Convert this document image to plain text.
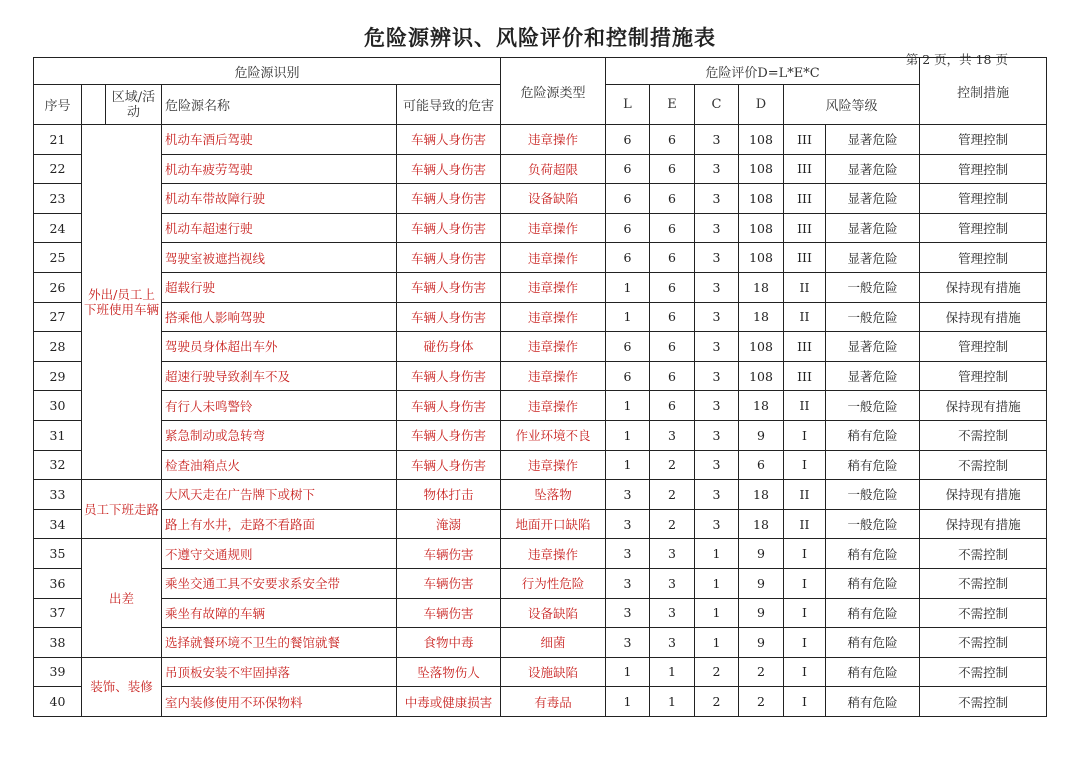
危险源辨识、风险评价和控制措施表
第 2 页，共 18 页
危险源识别					危险源类型	危险评价D=L*E*C						控制措施
序号		区域/活动	危险源名称	可能导致的危害		L	E	C	D	风险等级		
21	外出/员工上下班使用车辆		机动车酒后驾驶	车辆人身伤害	违章操作	6	6	3	108	III	显著危险	管理控制
22			机动车疲劳驾驶	车辆人身伤害	负荷超限	6	6	3	108	III	显著危险	管理控制
23			机动车带故障行驶	车辆人身伤害	设备缺陷	6	6	3	108	III	显著危险	管理控制
24			机动车超速行驶	车辆人身伤害	违章操作	6	6	3	108	III	显著危险	管理控制
25			驾驶室被遮挡视线	车辆人身伤害	违章操作	6	6	3	108	III	显著危险	管理控制
26			超载行驶	车辆人身伤害	违章操作	1	6	3	18	II	一般危险	保持现有措施
27			搭乘他人影响驾驶	车辆人身伤害	违章操作	1	6	3	18	II	一般危险	保持现有措施
28			驾驶员身体超出车外	碰伤身体	违章操作	6	6	3	108	III	显著危险	管理控制
29			超速行驶导致刹车不及	车辆人身伤害	违章操作	6	6	3	108	III	显著危险	管理控制
30			有行人未鸣警铃	车辆人身伤害	违章操作	1	6	3	18	II	一般危险	保持现有措施
31			紧急制动或急转弯	车辆人身伤害	作业环境不良	1	3	3	9	I	稍有危险	不需控制
32			检查油箱点火	车辆人身伤害	违章操作	1	2	3	6	I	稍有危险	不需控制
33	员工下班走路		大风天走在广告牌下或树下	物体打击	坠落物	3	2	3	18	II	一般危险	保持现有措施
34			路上有水井，走路不看路面	淹溺	地面开口缺陷	3	2	3	18	II	一般危险	保持现有措施
35	出差		不遵守交通规则	车辆伤害	违章操作	3	3	1	9	I	稍有危险	不需控制
36			乘坐交通工具不安要求系安全带	车辆伤害	行为性危险	3	3	1	9	I	稍有危险	不需控制
37			乘坐有故障的车辆	车辆伤害	设备缺陷	3	3	1	9	I	稍有危险	不需控制
38			选择就餐环境不卫生的餐馆就餐	食物中毒	细菌	3	3	1	9	I	稍有危险	不需控制
39	装饰、装修		吊顶板安装不牢固掉落	坠落物伤人	设施缺陷	1	1	2	2	I	稍有危险	不需控制
40			室内装修使用不环保物料	中毒或健康损害	有毒品	1	1	2	2	I	稍有危险	不需控制
